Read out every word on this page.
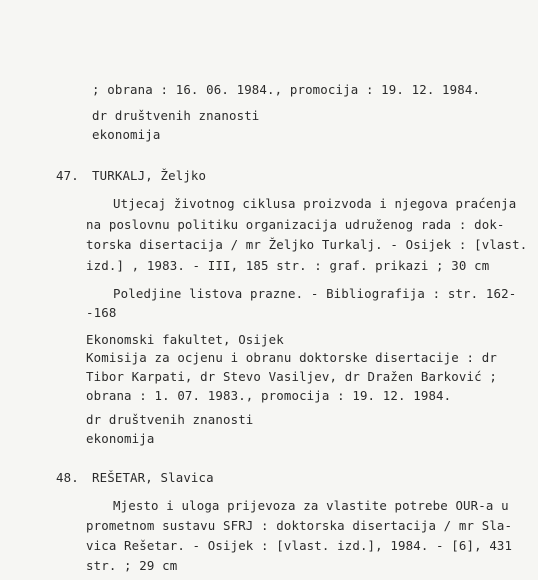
; obrana : 16. 06. 1984., promocija : 19. 12. 1984.
dr društvenih znanosti
ekonomija
47. TURKALJ, Željko
Utjecaj životnog ciklusa proizvoda i njegova praćenja
na poslovnu politiku organizacija udruženog rada : dok-
torska disertacija / mr Željko Turkalj. - Osijek : [vlast.
izd.] , 1983. - III, 185 str. : graf. prikazi ; 30 cm
Poledjine listova prazne. - Bibliografija : str. 162-
-168
Ekonomski fakultet, Osijek
Komisija za ocjenu i obranu doktorske disertacije : dr
Tibor Karpati, dr Stevo Vasiljev, dr Dražen Barković ;
obrana : 1. 07. 1983., promocija : 19. 12. 1984.
dr društvenih znanosti
ekonomija
48. REŠETAR, Slavica
Mjesto i uloga prijevoza za vlastite potrebe OUR-a u
prometnom sustavu SFRJ : doktorska disertacija / mr Sla-
vica Rešetar. - Osijek : [vlast. izd.], 1984. - [6], 431
str. ; 29 cm
